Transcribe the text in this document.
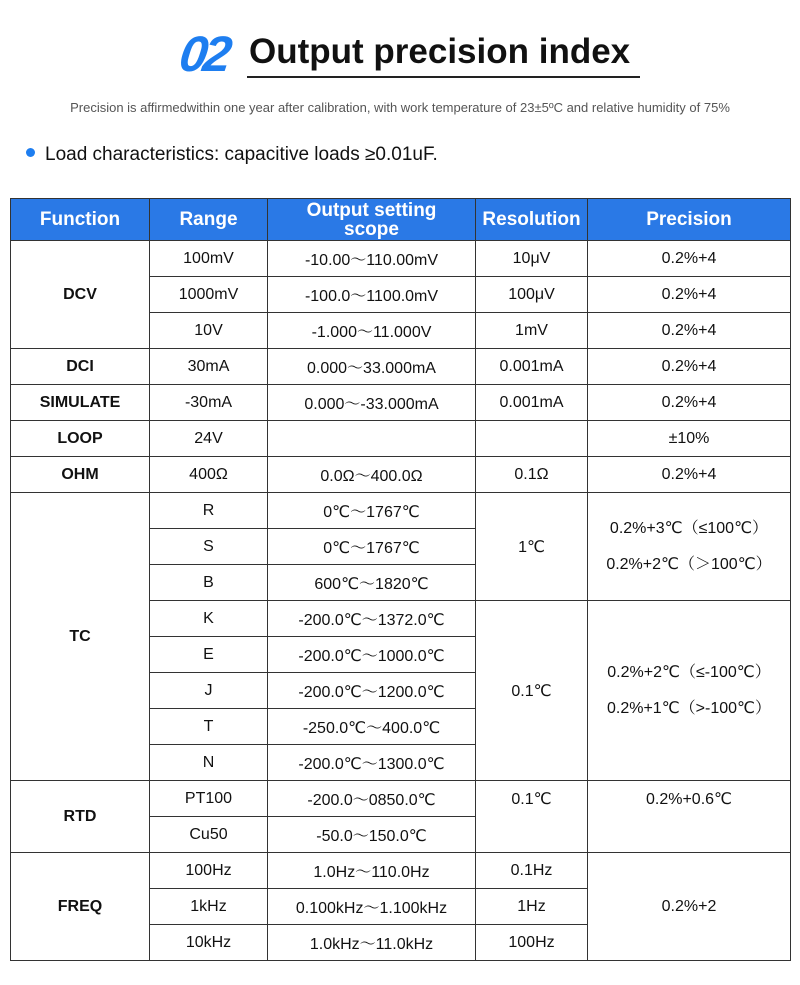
02 Output precision index
Precision is affirmedwithin one year after calibration, with work temperature of 23±5ºC and relative humidity of 75%
Load characteristics: capacitive loads ≥0.01uF.
Function	Range	Output setting scope	Resolution	Precision
DCV	100mV	-10.00～110.00mV	10μV	0.2%+4
	1000mV	-100.0～1100.0mV	100μV	0.2%+4
	10V	-1.000～11.000V	1mV	0.2%+4
DCI	30mA	0.000～33.000mA	0.001mA	0.2%+4
SIMULATE	-30mA	0.000～-33.000mA	0.001mA	0.2%+4
LOOP	24V			±10%
OHM	400Ω	0.0Ω～400.0Ω	0.1Ω	0.2%+4
TC	R	0℃～1767℃	1℃	0.2%+3℃（≤100℃）
0.2%+2℃（＞100℃）

	S	0℃～1767℃		
	B	600℃～1820℃		
	K	-200.0℃～1372.0℃	0.1℃	0.2%+2℃（≤-100℃）
0.2%+1℃（>-100℃）

	E	-200.0℃～1000.0℃		
	J	-200.0℃～1200.0℃		
	T	-250.0℃～400.0℃		
	N	-200.0℃～1300.0℃		
RTD	PT100	-200.0～0850.0℃	0.1℃	0.2%+0.6℃
	Cu50	-50.0～150.0℃		
FREQ	100Hz	1.0Hz～110.0Hz	0.1Hz	0.2%+2
	1kHz	0.100kHz～1.100kHz	1Hz	
	10kHz	1.0kHz～11.0kHz	100Hz	
